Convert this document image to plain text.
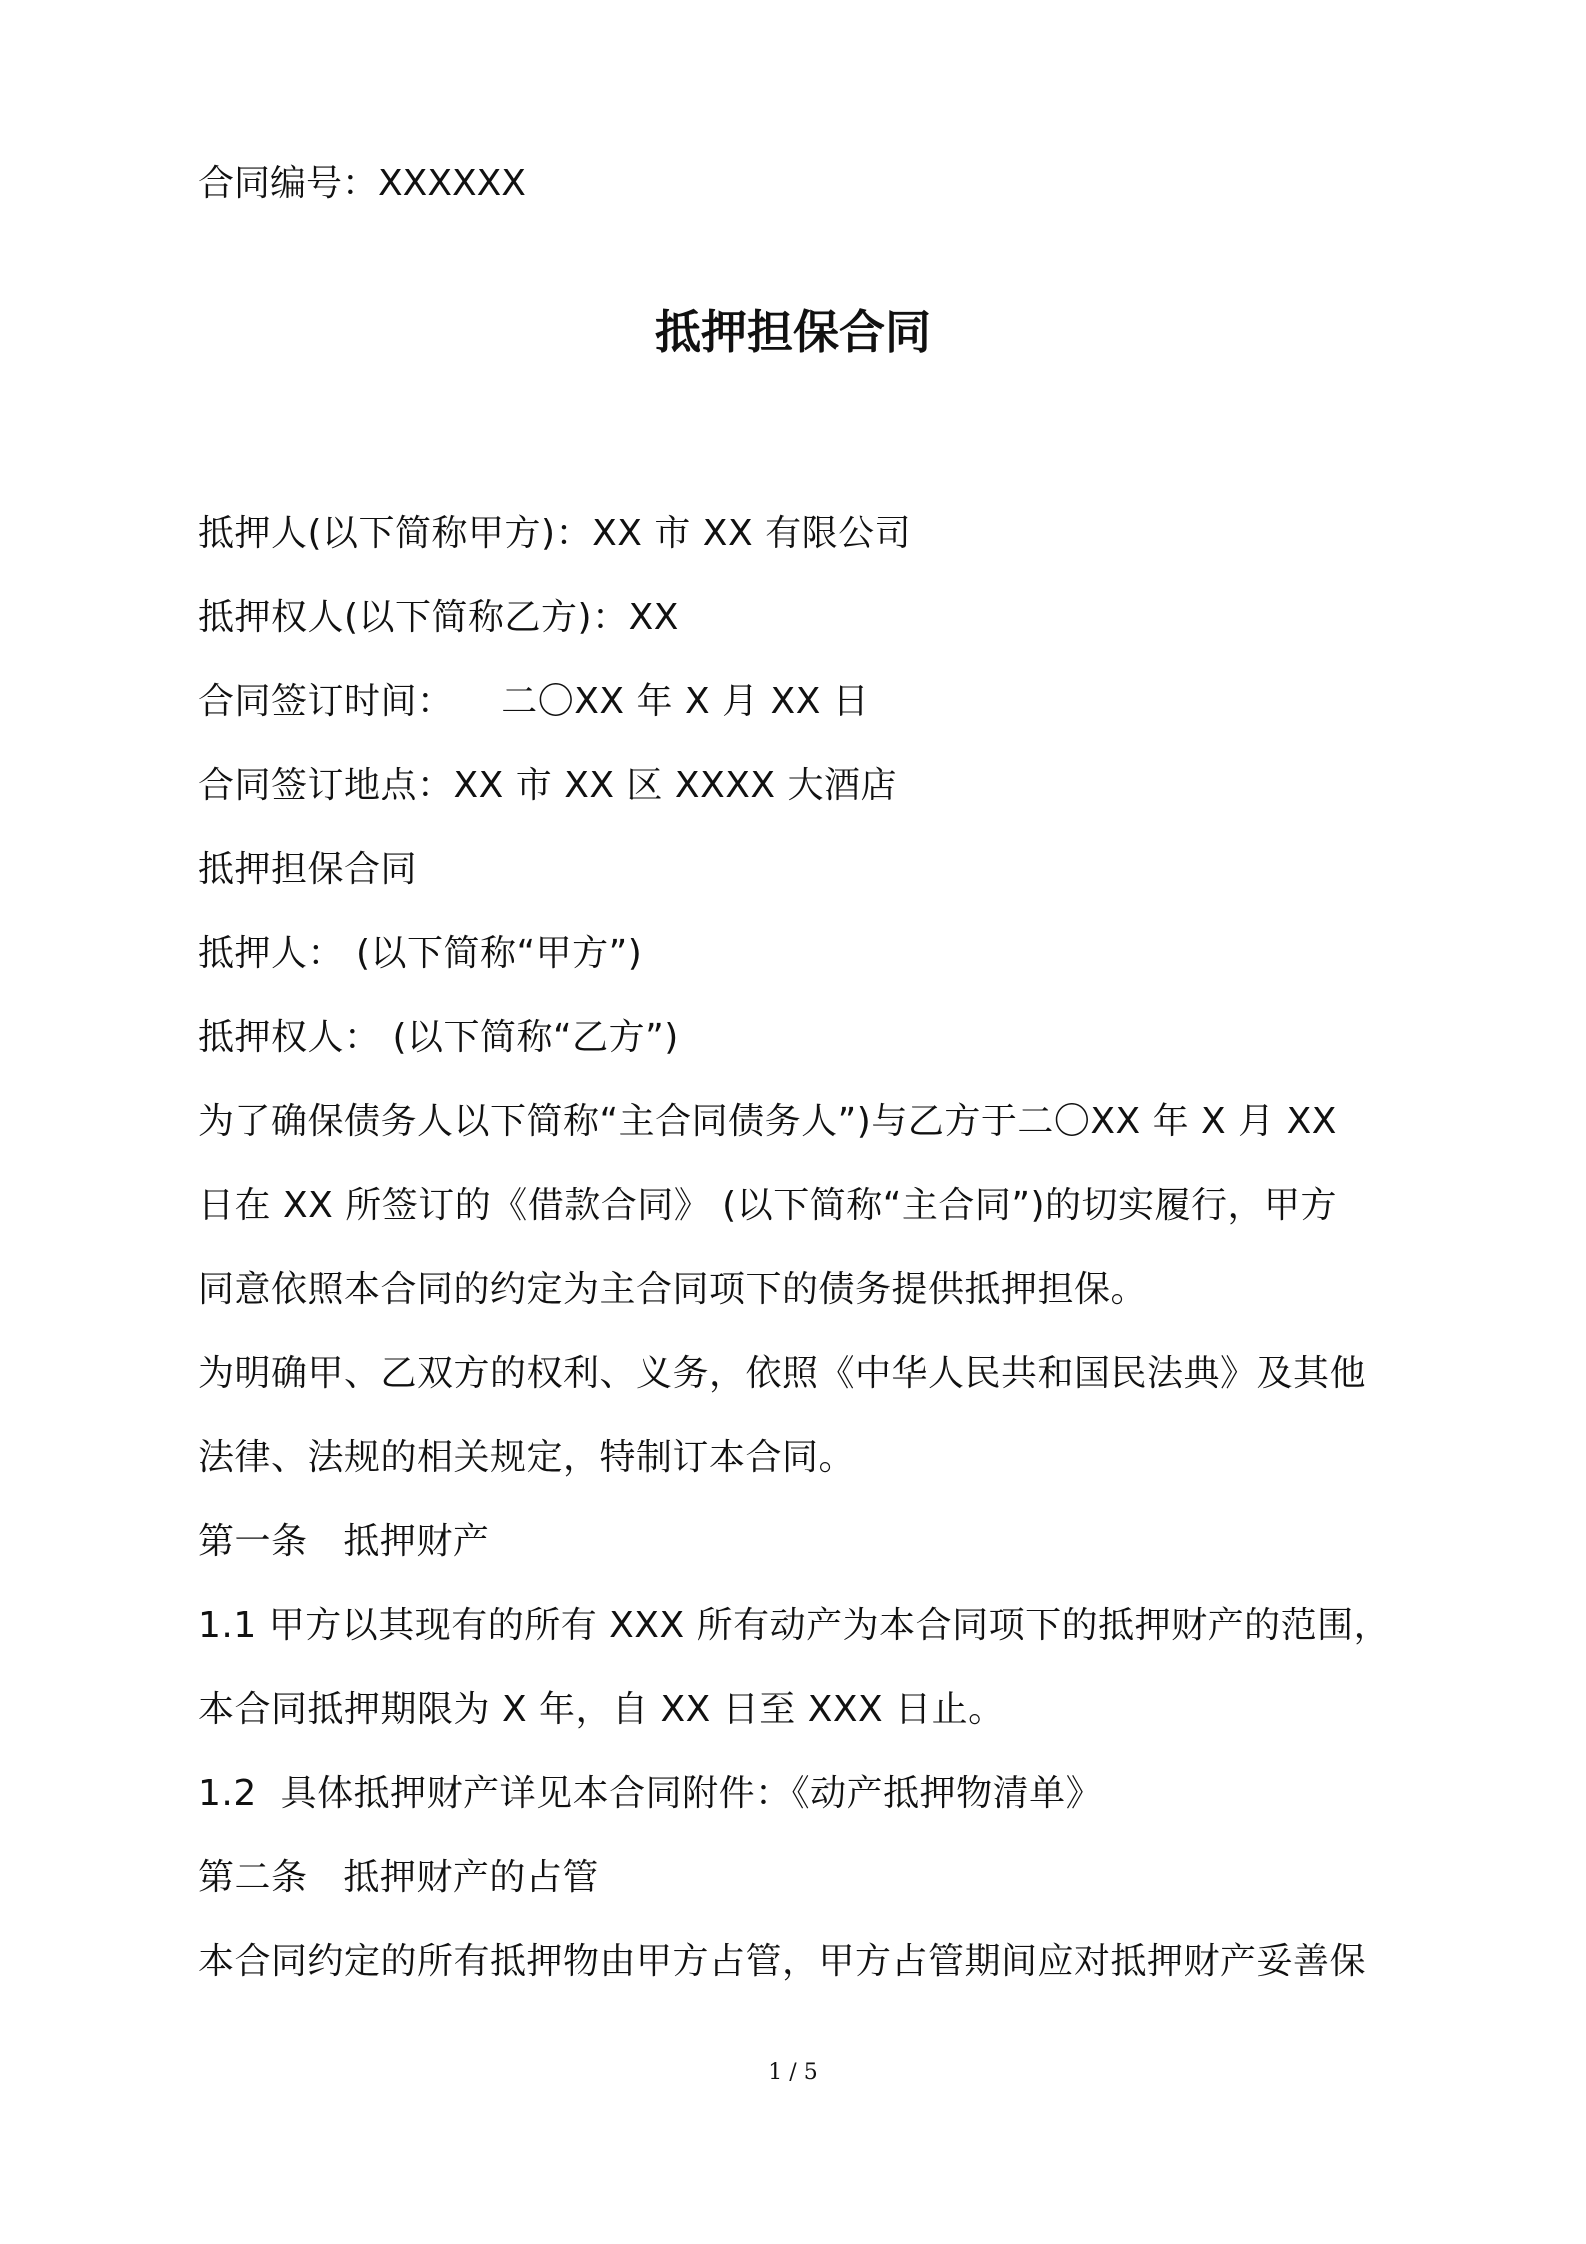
合同编号：XXXXXX
抵押担保合同
抵押人(以下简称甲方)：XX 市 XX 有限公司
抵押权人(以下简称乙方)：XX
合同签订时间：    二〇XX 年 X 月 XX 日
合同签订地点：XX 市 XX 区 XXXX 大酒店
抵押担保合同
抵押人： (以下简称“甲方”)
抵押权人： (以下简称“乙方”)
为了确保债务人以下简称“主合同债务人”)与乙方于二〇XX 年 X 月 XX
日在 XX 所签订的《借款合同》 (以下简称“主合同”)的切实履行，甲方
同意依照本合同的约定为主合同项下的债务提供抵押担保。
为明确甲、乙双方的权利、义务，依照《中华人民共和国民法典》及其他
法律、法规的相关规定，特制订本合同。
第一条   抵押财产
1.1 甲方以其现有的所有 XXX 所有动产为本合同项下的抵押财产的范围，
本合同抵押期限为 X 年，自 XX 日至 XXX 日止。
1.2  具体抵押财产详见本合同附件：《动产抵押物清单》
第二条   抵押财产的占管
本合同约定的所有抵押物由甲方占管，甲方占管期间应对抵押财产妥善保
1 / 5
